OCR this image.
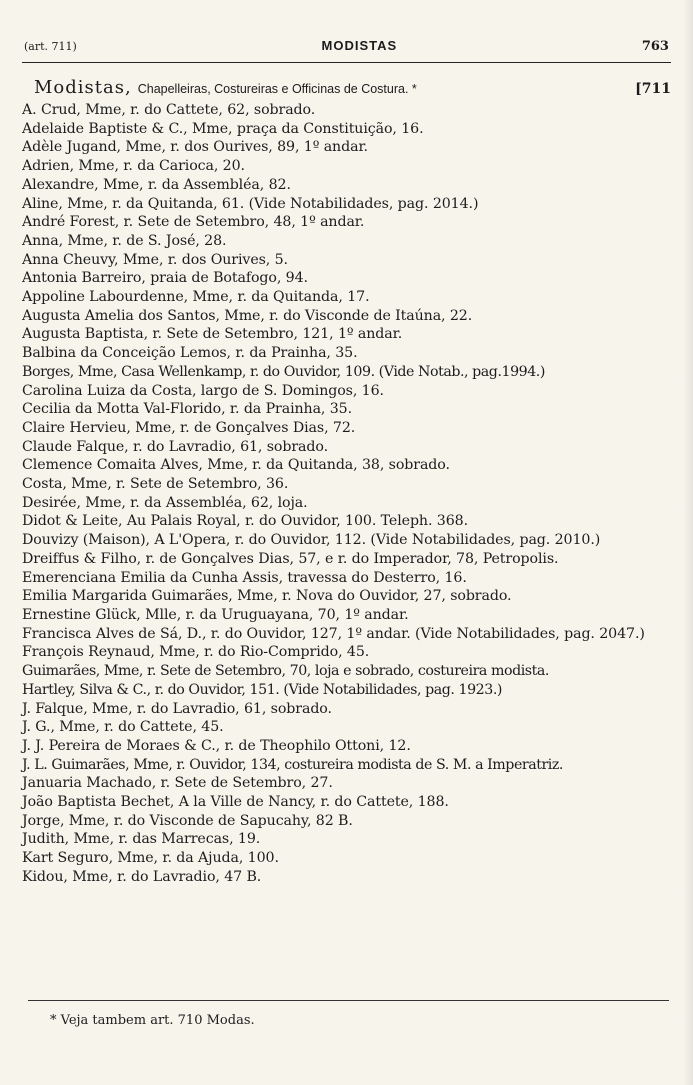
(art. 711)	MODISTAS	763
Modistas, Chapelleiras, Costureiras e Officinas de Costura. *	[711
A. Crud, Mme, r. do Cattete, 62, sobrado.
Adelaide Baptiste & C., Mme, praça da Constituição, 16.
Adèle Jugand, Mme, r. dos Ourives, 89, 1º andar.
Adrien, Mme, r. da Carioca, 20.
Alexandre, Mme, r. da Assembléa, 82.
Aline, Mme, r. da Quitanda, 61. (Vide Notabilidades, pag. 2014.)
André Forest, r. Sete de Setembro, 48, 1º andar.
Anna, Mme, r. de S. José, 28.
Anna Cheuvy, Mme, r. dos Ourives, 5.
Antonia Barreiro, praia de Botafogo, 94.
Appoline Labourdenne, Mme, r. da Quitanda, 17.
Augusta Amelia dos Santos, Mme, r. do Visconde de Itaúna, 22.
Augusta Baptista, r. Sete de Setembro, 121, 1º andar.
Balbina da Conceição Lemos, r. da Prainha, 35.
Borges, Mme, Casa Wellenkamp, r. do Ouvidor, 109. (Vide Notab., pag.1994.)
Carolina Luiza da Costa, largo de S. Domingos, 16.
Cecilia da Motta Val-Florido, r. da Prainha, 35.
Claire Hervieu, Mme, r. de Gonçalves Dias, 72.
Claude Falque, r. do Lavradio, 61, sobrado.
Clemence Comaita Alves, Mme, r. da Quitanda, 38, sobrado.
Costa, Mme, r. Sete de Setembro, 36.
Desirée, Mme, r. da Assembléa, 62, loja.
Didot & Leite, Au Palais Royal, r. do Ouvidor, 100. Teleph. 368.
Douvizy (Maison), A L'Opera, r. do Ouvidor, 112. (Vide Notabilidades, pag. 2010.)
Dreiffus & Filho, r. de Gonçalves Dias, 57, e r. do Imperador, 78, Petropolis.
Emerenciana Emilia da Cunha Assis, travessa do Desterro, 16.
Emilia Margarida Guimarães, Mme, r. Nova do Ouvidor, 27, sobrado.
Ernestine Glück, Mlle, r. da Uruguayana, 70, 1º andar.
Francisca Alves de Sá, D., r. do Ouvidor, 127, 1º andar. (Vide Notabilidades, pag. 2047.)
François Reynaud, Mme, r. do Rio-Comprido, 45.
Guimarães, Mme, r. Sete de Setembro, 70, loja e sobrado, costureira modista.
Hartley, Silva & C., r. do Ouvidor, 151. (Vide Notabilidades, pag. 1923.)
J. Falque, Mme, r. do Lavradio, 61, sobrado.
J. G., Mme, r. do Cattete, 45.
J. J. Pereira de Moraes & C., r. de Theophilo Ottoni, 12.
J. L. Guimarães, Mme, r. Ouvidor, 134, costureira modista de S. M. a Imperatriz.
Januaria Machado, r. Sete de Setembro, 27.
João Baptista Bechet, A la Ville de Nancy, r. do Cattete, 188.
Jorge, Mme, r. do Visconde de Sapucahy, 82 B.
Judith, Mme, r. das Marrecas, 19.
Kart Seguro, Mme, r. da Ajuda, 100.
Kidou, Mme, r. do Lavradio, 47 B.
* Veja tambem art. 710 Modas.
